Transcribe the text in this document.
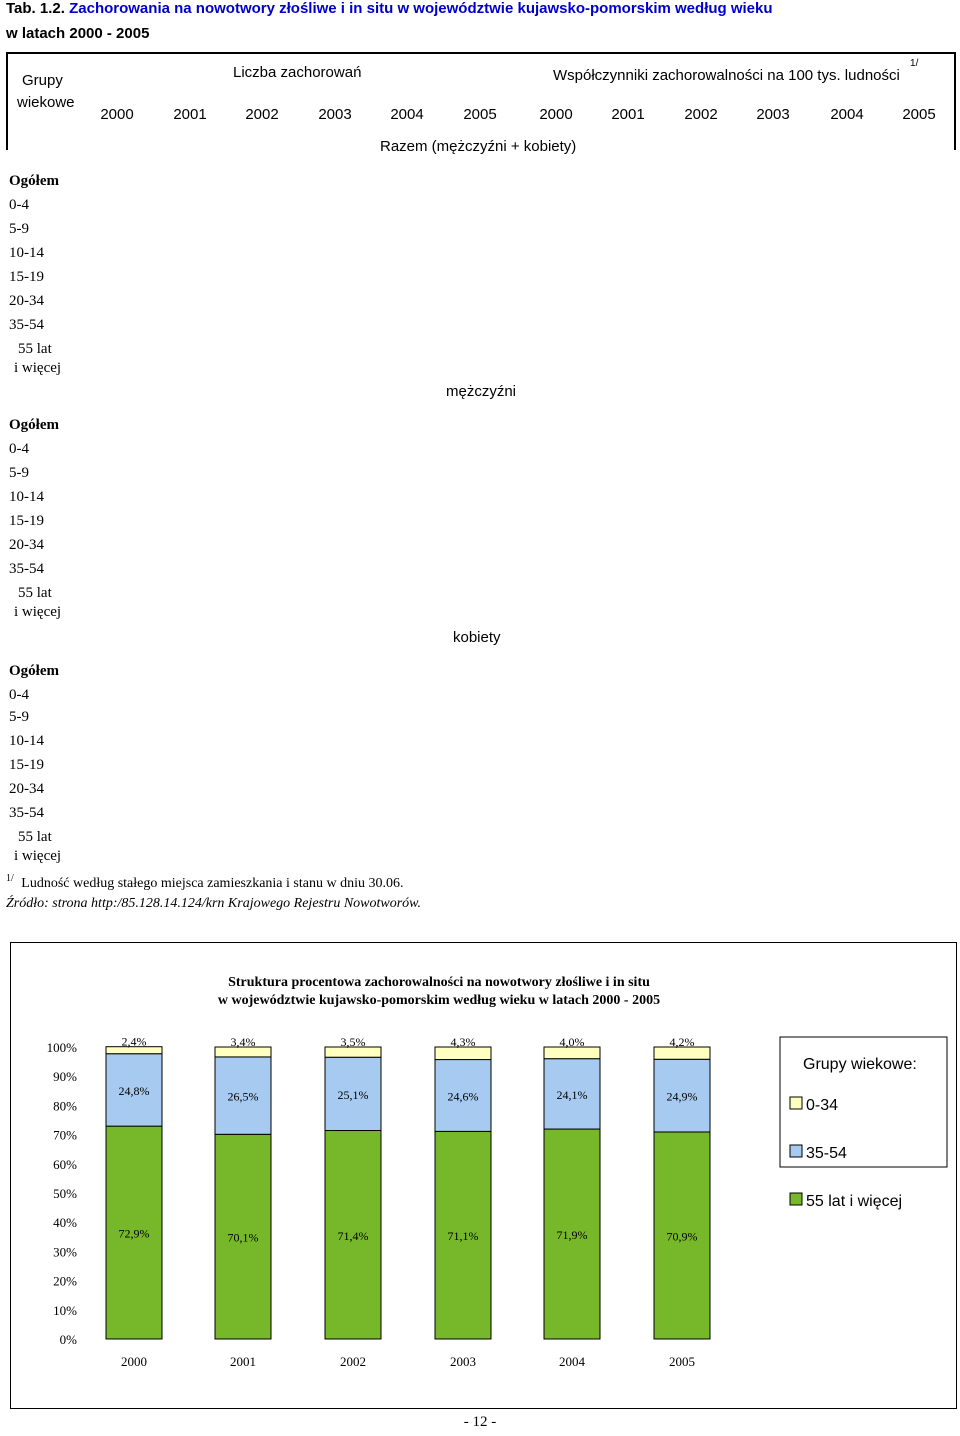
Tab. 1.2. Zachorowania na nowotwory złośliwe i in situ w województwie kujawsko-pomorskim według wieku
w latach 2000 - 2005
Grupy
wiekowe
Liczba zachorowań	Współczynniki zachorowalności na 100 tys. ludności $^{1/}$
2000	2001	2002	2003	2004	2005	2000	2001	2002	2003	2004	2005
Razem (mężczyźni + kobiety)
Ogółem
0-4
5-9
10-14
15-19
20-34
35-54
55 lat
i więcej
mężczyźni
Ogółem
0-4
5-9
10-14
15-19
20-34
35-54
55 lat
i więcej
kobiety
Ogółem
0-4
5-9
10-14
15-19
20-34
35-54
55 lat
i więcej
$^{1/}$ Ludność według stałego miejsca zamieszkania i stanu w dniu 30.06.
Źródło: strona http:/85.128.14.124/krn Krajowego Rejestru Nowotworów.
Struktura procentowa zachorowalności na nowotwory złośliwe i in situ
w województwie kujawsko-pomorskim według wieku w latach 2000 - 2005
0%
10%
20%
30%
40%
50%
60%
70%
80%
90%
100%
72,9%
24,8%
2,4%
2000
70,1%
26,5%
3,4%
2001
71,4%
25,1%
3,5%
2002
71,1%
24,6%
4,3%
2003
71,9%
24,1%
4,0%
2004
70,9%
24,9%
4,2%
2005
Grupy wiekowe:
0-34
35-54
55 lat i więcej
- 12 -
